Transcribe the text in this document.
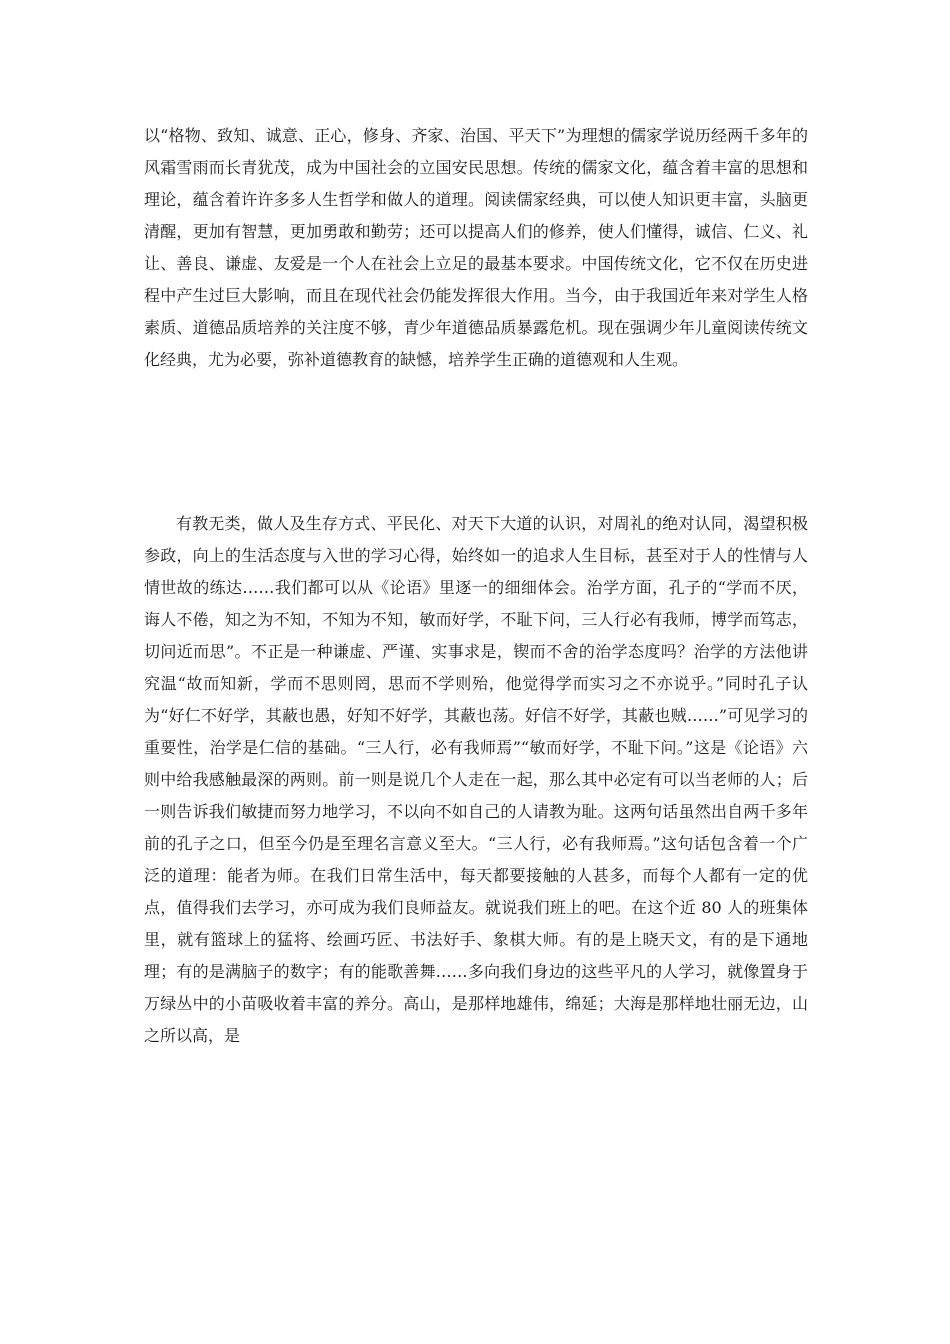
以“格物、致知、诚意、正心，修身、齐家、治国、平天下”为理想的儒家学说历经两千多年的风霜雪雨而长青犹茂，成为中国社会的立国安民思想。传统的儒家文化，蕴含着丰富的思想和理论，蕴含着许许多多人生哲学和做人的道理。阅读儒家经典，可以使人知识更丰富，头脑更清醒，更加有智慧，更加勇敢和勤劳；还可以提高人们的修养，使人们懂得，诚信、仁义、礼让、善良、谦虚、友爱是一个人在社会上立足的最基本要求。中国传统文化，它不仅在历史进程中产生过巨大影响，而且在现代社会仍能发挥很大作用。当今，由于我国近年来对学生人格素质、道德品质培养的关注度不够，青少年道德品质暴露危机。现在强调少年儿童阅读传统文化经典，尤为必要，弥补道德教育的缺憾，培养学生正确的道德观和人生观。

有教无类，做人及生存方式、平民化、对天下大道的认识，对周礼的绝对认同，渴望积极参政，向上的生活态度与入世的学习心得，始终如一的追求人生目标，甚至对于人的性情与人情世故的练达……我们都可以从《论语》里逐一的细细体会。治学方面，孔子的“学而不厌，诲人不倦，知之为不知，不知为不知，敏而好学，不耻下问，三人行必有我师，博学而笃志，切问近而思”。不正是一种谦虚、严谨、实事求是，锲而不舍的治学态度吗？治学的方法他讲究温“故而知新，学而不思则罔，思而不学则殆，他觉得学而实习之不亦说乎。”同时孔子认为“好仁不好学，其蔽也愚，好知不好学，其蔽也荡。好信不好学，其蔽也贼……”可见学习的重要性，治学是仁信的基础。“三人行，必有我师焉”“敏而好学，不耻下问。”这是《论语》六则中给我感触最深的两则。前一则是说几个人走在一起，那么其中必定有可以当老师的人；后一则告诉我们敏捷而努力地学习，不以向不如自己的人请教为耻。这两句话虽然出自两千多年前的孔子之口，但至今仍是至理名言意义至大。“三人行，必有我师焉。”这句话包含着一个广泛的道理：能者为师。在我们日常生活中，每天都要接触的人甚多，而每个人都有一定的优点，值得我们去学习，亦可成为我们良师益友。就说我们班上的吧。在这个近 80 人的班集体里，就有篮球上的猛将、绘画巧匠、书法好手、象棋大师。有的是上晓天文，有的是下通地理；有的是满脑子的数字；有的能歌善舞……多向我们身边的这些平凡的人学习，就像置身于万绿丛中的小苗吸收着丰富的养分。高山，是那样地雄伟，绵延；大海是那样地壮丽无边，山之所以高，是
